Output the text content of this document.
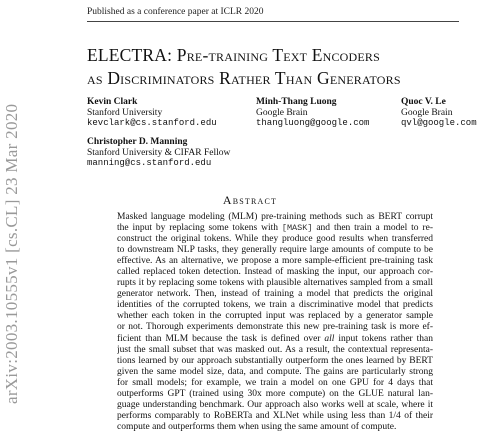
Published as a conference paper at ICLR 2020
arXiv:2003.10555v1 [cs.CL] 23 Mar 2020
ELECTRA: Pre-training Text Encoders
as Discriminators Rather Than Generators
Kevin Clark
Stanford University
kevclark@cs.stanford.edu
Minh-Thang Luong
Google Brain
thangluong@google.com
Quoc V. Le
Google Brain
qvl@google.com
Christopher D. Manning
Stanford University & CIFAR Fellow
manning@cs.stanford.edu
Abstract
Masked language modeling (MLM) pre-training methods such as BERT corrupt
the input by replacing some tokens with [MASK] and then train a model to re-
construct the original tokens. While they produce good results when transferred
to downstream NLP tasks, they generally require large amounts of compute to be
effective. As an alternative, we propose a more sample-efficient pre-training task
called replaced token detection. Instead of masking the input, our approach cor-
rupts it by replacing some tokens with plausible alternatives sampled from a small
generator network. Then, instead of training a model that predicts the original
identities of the corrupted tokens, we train a discriminative model that predicts
whether each token in the corrupted input was replaced by a generator sample
or not. Thorough experiments demonstrate this new pre-training task is more ef-
ficient than MLM because the task is defined over all input tokens rather than
just the small subset that was masked out. As a result, the contextual representa-
tions learned by our approach substantially outperform the ones learned by BERT
given the same model size, data, and compute. The gains are particularly strong
for small models; for example, we train a model on one GPU for 4 days that
outperforms GPT (trained using 30x more compute) on the GLUE natural lan-
guage understanding benchmark. Our approach also works well at scale, where it
performs comparably to RoBERTa and XLNet while using less than 1/4 of their
compute and outperforms them when using the same amount of compute.
